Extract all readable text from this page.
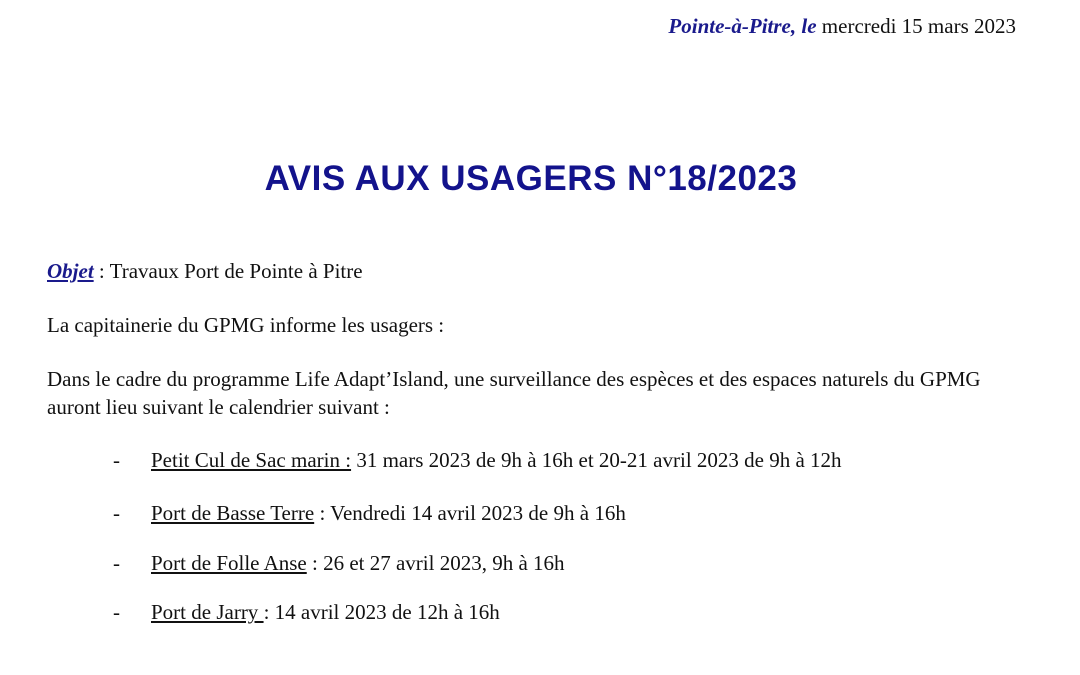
Pointe-à-Pitre, le mercredi 15 mars 2023
AVIS AUX USAGERS N°18/2023

Objet : Travaux Port de Pointe à Pitre

La capitainerie du GPMG informe les usagers :

Dans le cadre du programme Life Adapt’Island, une surveillance des espèces et des espaces naturels du GPMG auront lieu suivant le calendrier suivant :

- Petit Cul de Sac marin : 31 mars 2023 de 9h à 16h et 20-21 avril 2023 de 9h à 12h
- Port de Basse Terre : Vendredi 14 avril 2023 de 9h à 16h
- Port de Folle Anse : 26 et 27 avril 2023, 9h à 16h
- Port de Jarry : 14 avril 2023 de 12h à 16h
